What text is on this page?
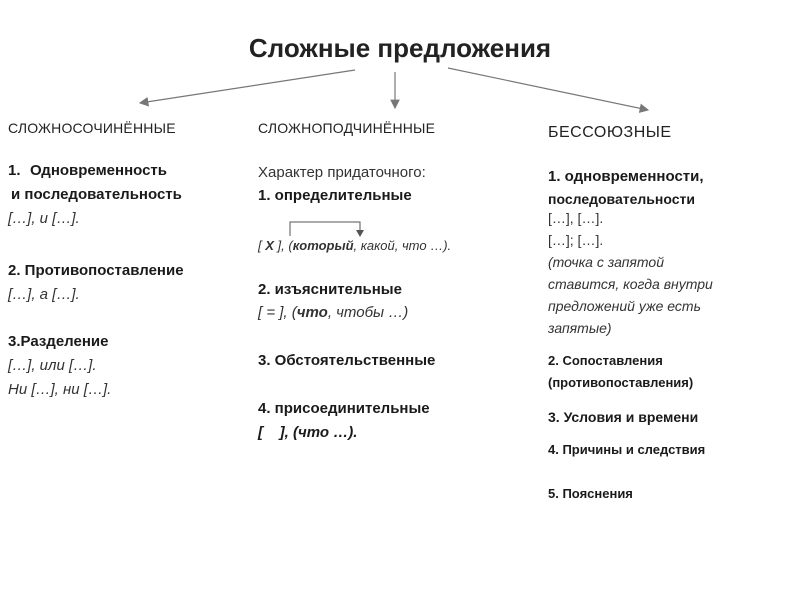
Сложные предложения
СЛОЖНОСОЧИНЁННЫЕ
1. Одновременность
и последовательность
[…], и […].
2. Противопоставление
[…], а […].
3.Разделение
[…], или […].
Ни […], ни […].
СЛОЖНОПОДЧИНЁННЫЕ
Характер придаточного:
1. определительные
[ X ], (который, какой, что …).
2. изъяснительные
[ = ], (что, чтобы …)
3. Обстоятельственные
4. присоединительные
[    ], (что …).
БЕССОЮЗНЫЕ
1. одновременности,
последовательности
[…], […].
[…]; […].
(точка с запятой
ставится, когда внутри
предложений уже есть
запятые)
2. Сопоставления
(противопоставления)
3. Условия и времени
4. Причины и следствия
5. Пояснения
